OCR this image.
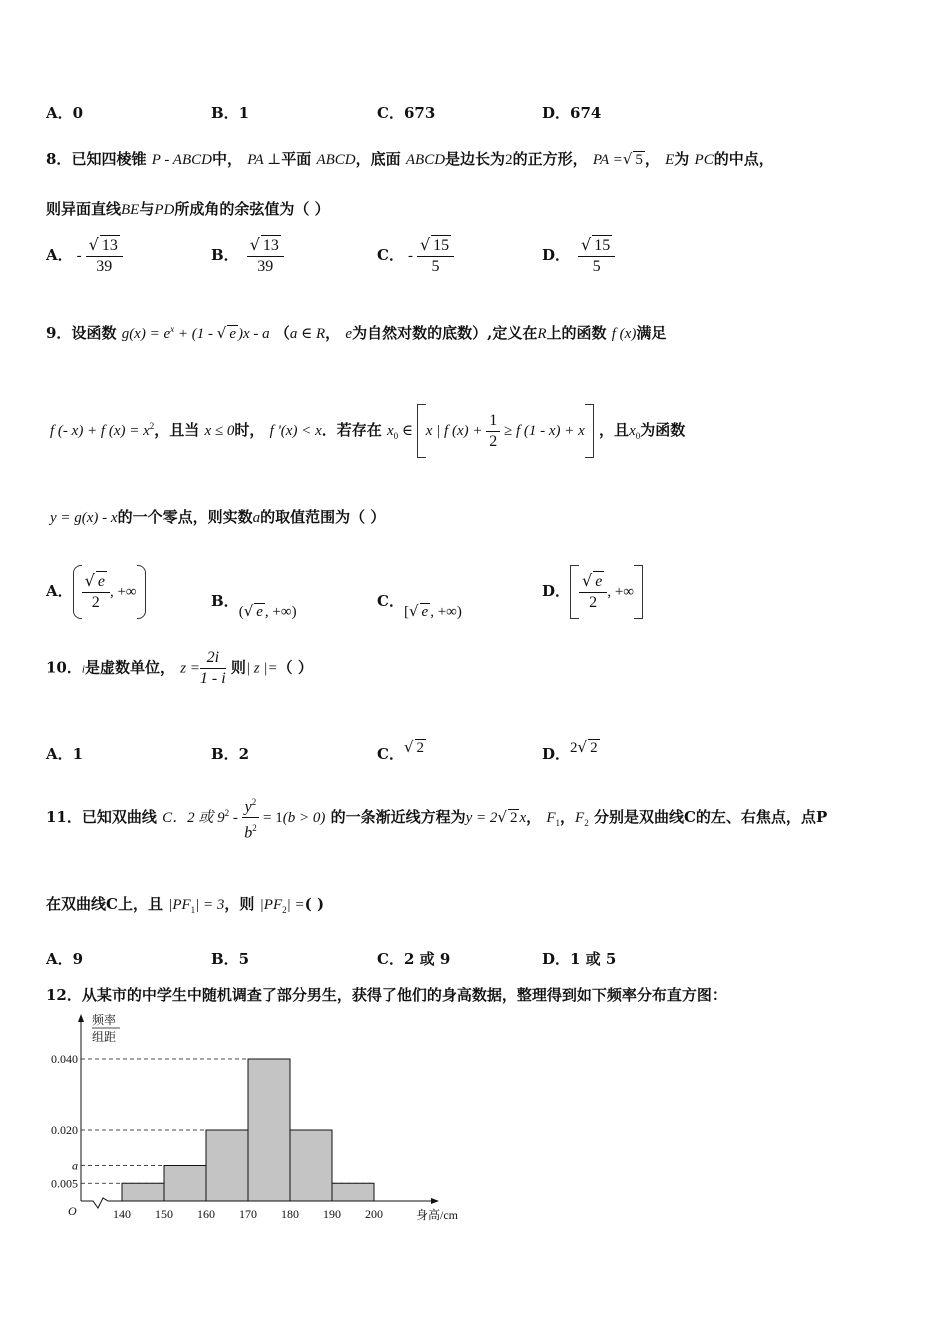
A．0	B．1	C．673	D．674
8．已知四棱锥 P - ABCD中， PA ⊥平面 ABCD，底面 ABCD是边长为2的正方形， PA =√ 5 ， E为 PC的中点，
则异面直线BE与PD所成角的余弦值为（ ）
A． - $\frac{√ 13}{39}$	B． $\frac{√ 13}{39}$	C． - $\frac{√ 15}{5}$	D． $\frac{√ 15}{5}$
9．设函数 $g(x) = e^x + (1$ - √ e )x - a （a ∈ R， e为自然对数的底数）,定义在R上的函数 f (x)满足
f (- x) + f $(x) = x^2$，且当 x ≤ 0时， f '(x) < x．若存在 $x_0$ ∈ x | f $(x) + \frac{1}{2} \ge f$ (1 - x) + x ，且$x_0$为函数
y = g(x) - x的一个零点，则实数a的取值范围为（ ）
A． $\frac{√ e}{2}$ , +∞	B．(√ e , +∞)
C．[√ e , +∞)
D． $\frac{√ e}{2}$ , +∞
10．i是虚数单位， $z = \frac{2i}{1 - i}$ 则| z |=（ ）
A．1	B．2	C．√ 2	D．2√ 2
11．已知双曲线 C．2 或 $9^2 - \frac{y^2}{b^2} = 1(b > 0)$ 的一条渐近线方程为y = 2√ 2 x， $F_1$，$F_2$ 分别是双曲线C的左、右焦点，点P
在双曲线C上，且 $|PF_1| = 3$，则 $|PF_2|$ =( )
A．9	B．5	C．2 或 9	D．1 或 5
12．从某市的中学生中随机调查了部分男生，获得了他们的身高数据，整理得到如下频率分布直方图：
频率
组距
O	身高/cm
0.040
0.020
a
0.005
140 150 160 170 180 190 200
